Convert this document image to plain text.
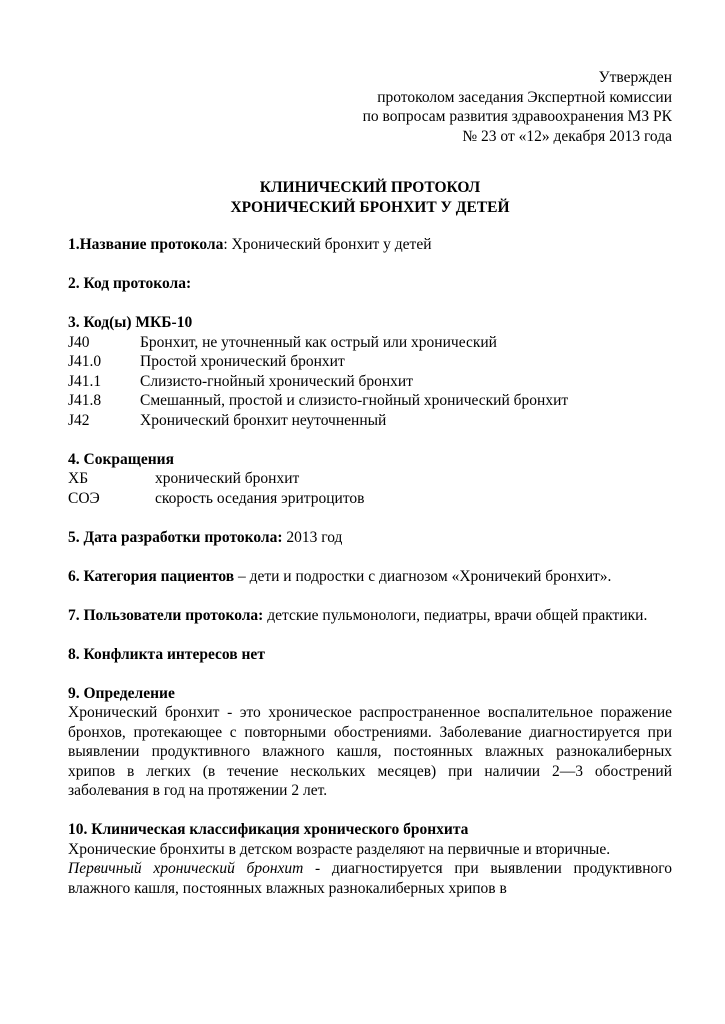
Утвержден
протоколом заседания Экспертной комиссии
по вопросам развития здравоохранения МЗ РК
№ 23 от «12» декабря 2013 года
КЛИНИЧЕСКИЙ ПРОТОКОЛ
ХРОНИЧЕСКИЙ БРОНХИТ У ДЕТЕЙ
1.Название протокола: Хронический бронхит у детей
2. Код протокола:
3. Код(ы) МКБ-10
J40	Бронхит, не уточненный как острый или хронический
J41.0	Простой хронический бронхит
J41.1	Слизисто-гнойный хронический бронхит
J41.8	Смешанный, простой и слизисто-гнойный хронический бронхит
J42	Хронический бронхит неуточненный
4. Сокращения
ХБ	хронический бронхит
СОЭ	скорость оседания эритроцитов
5. Дата разработки протокола: 2013 год
6. Категория пациентов – дети и подростки с диагнозом «Хроничекий бронхит».
7. Пользователи протокола: детские пульмонологи, педиатры, врачи общей практики.
8. Конфликта интересов нет
9. Определение
Хронический бронхит - это хроническое распространенное воспалительное поражение бронхов, протекающее с повторными обострениями. Заболевание диагностируется при выявлении продуктивного влажного кашля, постоянных влажных разнокалиберных хрипов в легких (в течение нескольких месяцев) при наличии 2—3 обострений заболевания в год на протяжении 2 лет.
10. Клиническая классификация хронического бронхита
Хронические бронхиты в детском возрасте разделяют на первичные и вторичные.
Первичный хронический бронхит - диагностируется при выявлении продуктивного влажного кашля, постоянных влажных разнокалиберных хрипов в
